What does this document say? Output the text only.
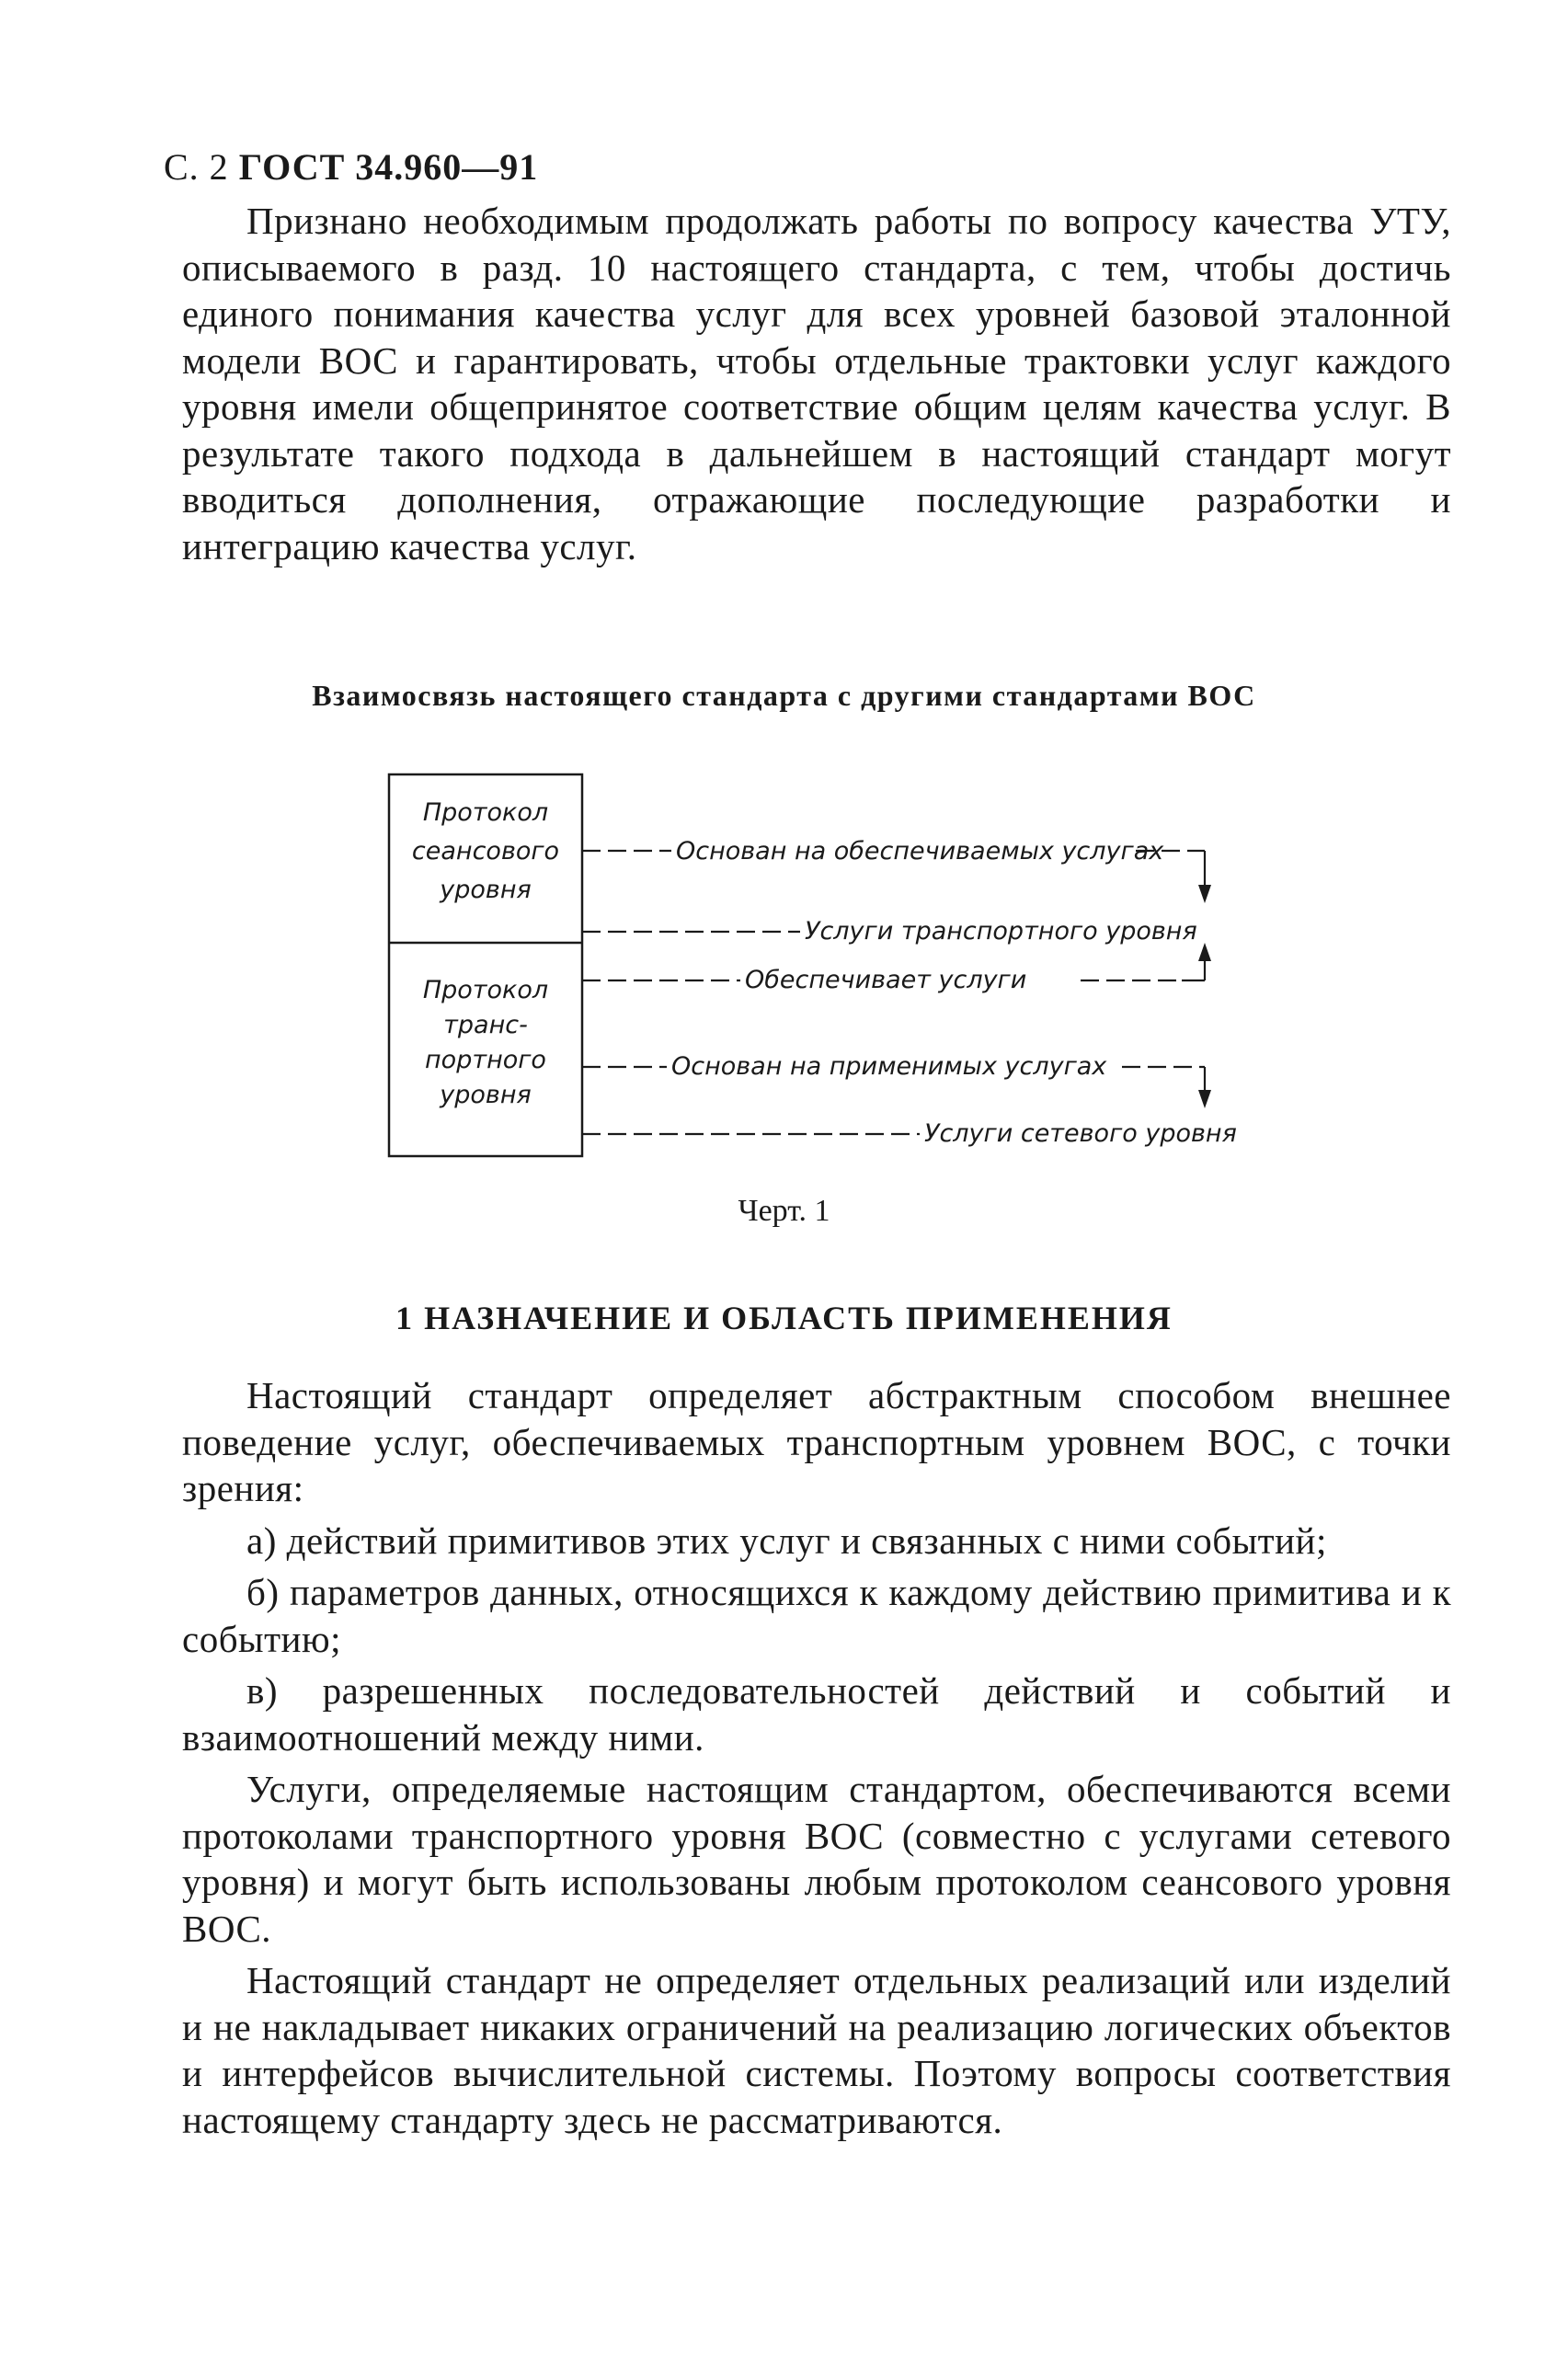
С. 2 ГОСТ 34.960—91

Признано необходимым продолжать работы по вопросу качества УТУ, описываемого в разд. 10 настоящего стандарта, с тем, чтобы достичь единого понимания качества услуг для всех уровней базовой эталонной модели ВОС и гарантировать, чтобы отдельные трактовки услуг каждого уровня имели общепринятое соответствие общим целям качества услуг. В результате такого подхода в дальнейшем в настоящий стандарт могут вводиться дополнения, отражающие последующие разработки и интеграцию качества услуг.

Взаимосвязь настоящего стандарта с другими стандартами ВОС
Протокол
сеансового
уровня
Протокол
транс-
портного
уровня
Основан на обеспечиваемых услугах
Услуги транспортного уровня
Обеспечивает услуги
Основан на применимых услугах
Услуги сетевого уровня
Черт. 1
1 НАЗНАЧЕНИЕ И ОБЛАСТЬ ПРИМЕНЕНИЯ

Настоящий стандарт определяет абстрактным способом внешнее поведение услуг, обеспечиваемых транспортным уровнем ВОС, с точки зрения:

а) действий примитивов этих услуг и связанных с ними событий;

б) параметров данных, относящихся к каждому действию примитива и к событию;

в) разрешенных последовательностей действий и событий и взаимоотношений между ними.

Услуги, определяемые настоящим стандартом, обеспечиваются всеми протоколами транспортного уровня ВОС (совместно с услугами сетевого уровня) и могут быть использованы любым протоколом сеансового уровня ВОС.

Настоящий стандарт не определяет отдельных реализаций или изделий и не накладывает никаких ограничений на реализацию логических объектов и интерфейсов вычислительной системы. Поэтому вопросы соответствия настоящему стандарту здесь не рассматриваются.
